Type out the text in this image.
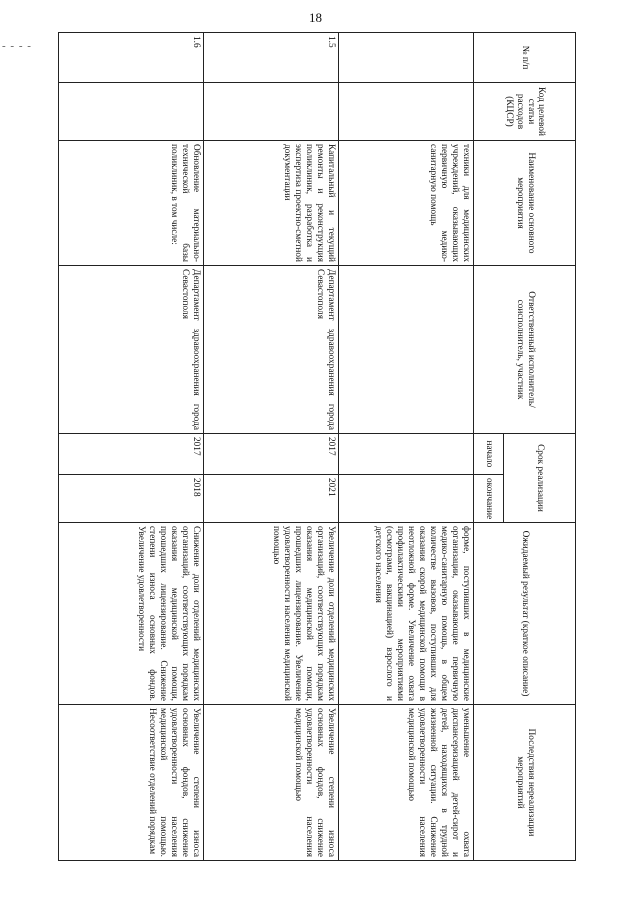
18
- - - -	№ п/п	Код целевой статьи расходов (КЦСР)	Наименование основного мероприятия	Ответственный исполнитель/соисполнитель, участник	Срок реализации		Ожидаемый результат (краткое описание)	Последствия нереализации мероприятий
				начало	окончание		
		техники для медицинских учреждений, оказывающих первичную медико-санитарную помощь				форме, поступивших в медицинские организации, оказывающие первичную медико-санитарную помощь, в общем количестве вызовов, поступивших для оказания скорой медицинской помощи в неотложной форме. Увеличение охвата профилактическими мероприятиями (осмотрами, вакцинацией) взрослого и детского населения	уменьшение охвата диспансеризацией детей-сирот и детей, находящихся в трудной жизненной ситуации. Снижение удовлетворенности населения медицинской помощью
1.5		Капитальный и текущий ремонты и реконструкция поликлиник, разработка и экспертиза проектно-сметной документации	Департамент здравоохранения города Севастополя	2017	2021	Увеличение доли отделений медицинских организаций, соответствующих порядкам оказания медицинской помощи, прошедших лицензирование. Увеличение удовлетворенности населения медицинской помощью	Увеличение степени износа основных фондов, снижение удовлетворенности населения медицинской помощью
1.6		Обновление материально-технической базы поликлиник, в том числе:	Департамент здравоохранения города Севастополя	2017	2018	Снижение доли отделений медицинских организаций, соответствующих порядкам оказания медицинской помощи, прошедших лицензирование. Снижение степени износа основных фондов. Увеличение удовлетворенности	Увеличение степени износа основных фондов, снижение удовлетворенности населения медицинской помощью. Несоответствие отделений порядкам
